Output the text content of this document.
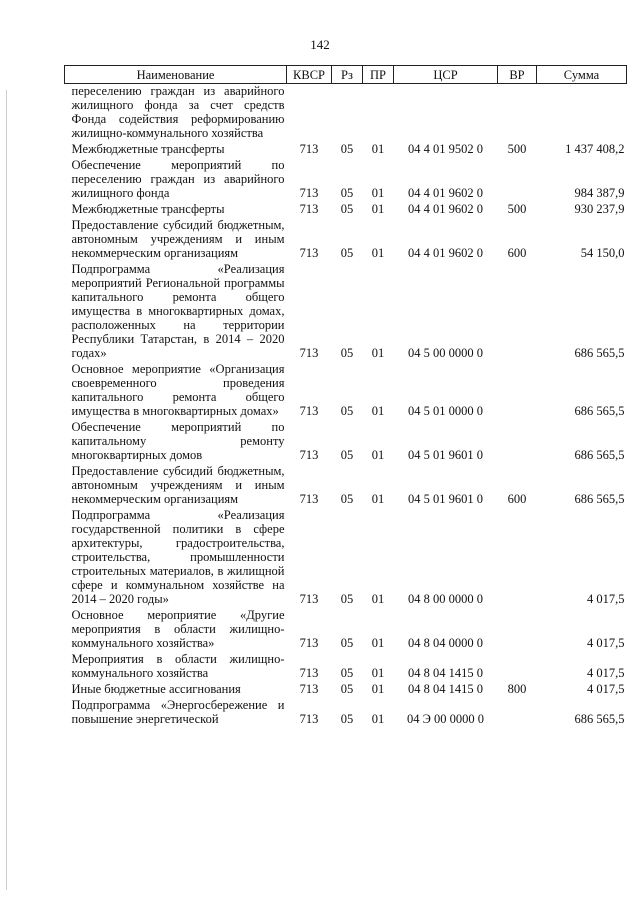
142
Наименование	КВСР	Рз	ПР	ЦСР	ВР	Сумма
переселению граждан из аварийного жилищного фонда за счет средств Фонда содействия реформированию жилищно-коммунального хозяйства						
Межбюджетные трансферты	713	05	01	04 4 01 9502 0	500	1 437 408,2
Обеспечение мероприятий по переселению граждан из аварийного жилищного фонда	713	05	01	04 4 01 9602 0		984 387,9
Межбюджетные трансферты	713	05	01	04 4 01 9602 0	500	930 237,9
Предоставление субсидий бюджетным, автономным учреждениям и иным некоммерческим организациям	713	05	01	04 4 01 9602 0	600	54 150,0
Подпрограмма «Реализация мероприятий Региональной программы капитального ремонта общего имущества в многоквартирных домах, расположенных на территории Республики Татарстан, в 2014 – 2020 годах»	713	05	01	04 5 00 0000 0		686 565,5
Основное мероприятие «Организация своевременного проведения капитального ремонта общего имущества в многоквартирных домах»	713	05	01	04 5 01 0000 0		686 565,5
Обеспечение мероприятий по капитальному ремонту многоквартирных домов	713	05	01	04 5 01 9601 0		686 565,5
Предоставление субсидий бюджетным, автономным учреждениям и иным некоммерческим организациям	713	05	01	04 5 01 9601 0	600	686 565,5
Подпрограмма «Реализация государственной политики в сфере архитектуры, градостроительства, строительства, промышленности строительных материалов, в жилищной сфере и коммунальном хозяйстве на 2014 – 2020 годы»	713	05	01	04 8 00 0000 0		4 017,5
Основное мероприятие «Другие мероприятия в области жилищно-коммунального хозяйства»	713	05	01	04 8 04 0000 0		4 017,5
Мероприятия в области жилищно-коммунального хозяйства	713	05	01	04 8 04 1415 0		4 017,5
Иные бюджетные ассигнования	713	05	01	04 8 04 1415 0	800	4 017,5
Подпрограмма «Энергосбережение и повышение энергетической	713	05	01	04 Э 00 0000 0		686 565,5
